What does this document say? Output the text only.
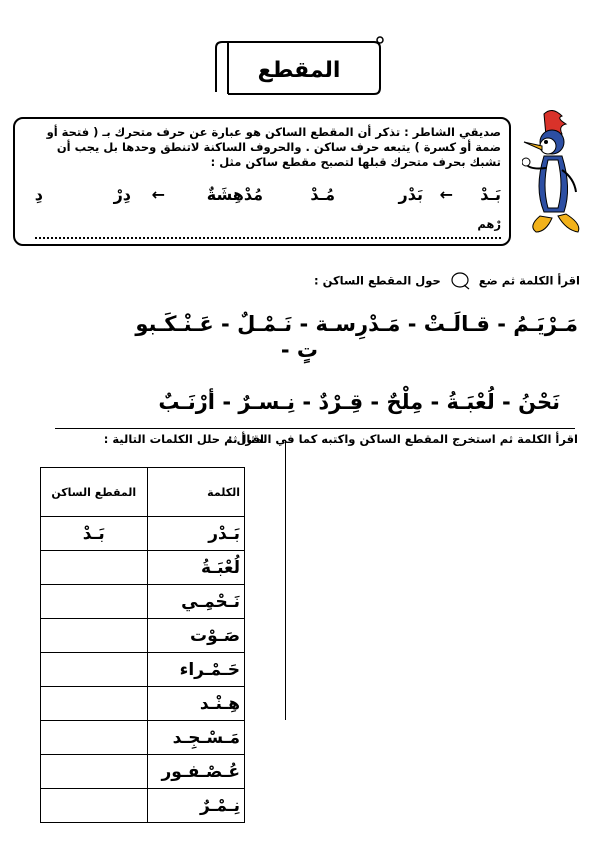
المقطع
صديقي الشاطر : تذكر أن المقطع الساكن هو عبارة عن حرف متحرك بـ ( فتحة أو ضمة أو كسرة ) يتبعه حرف ساكن . والحروف الساكنة لاتنطق وحدها بل يجب أن تشبك بحرف متحرك قبلها لتصبح مقطع ساكن مثل :
بَـدْ
←
بَدْر
مُـدْ
مُدْهِشَةٌ
←
دِرْ
دِ
رْهم
اقرأ الكلمة ثم ضع  حول المقطع الساكن :
مَـرْيَـمُ - قـالَـتْ - مَـدْرِسـة - نَـمْـلٌ - عَـنْـكَـبو
تٍ -
نَحْنُ - لُعْبَـةُ - مِلْحٌ - قِـرْدٌ - نِـسـرٌ - أرْنَـبٌ
اقرأ الكلمة ثم استخرج المقطع الساكن واكتبه كما في المثال :
اقرأ ثم حلل الكلمات التالية :
المقطع الساكن	الكلمة
بَـدْ	بَـدْر
	لُعْبَـةُ
	نَـحْمِـي
	صَـوْت
	حَـمْـراء
	هِـنْـد
	مَـسْـجِـد
	عُـصْـفـور
	نِـمْـرٌ
